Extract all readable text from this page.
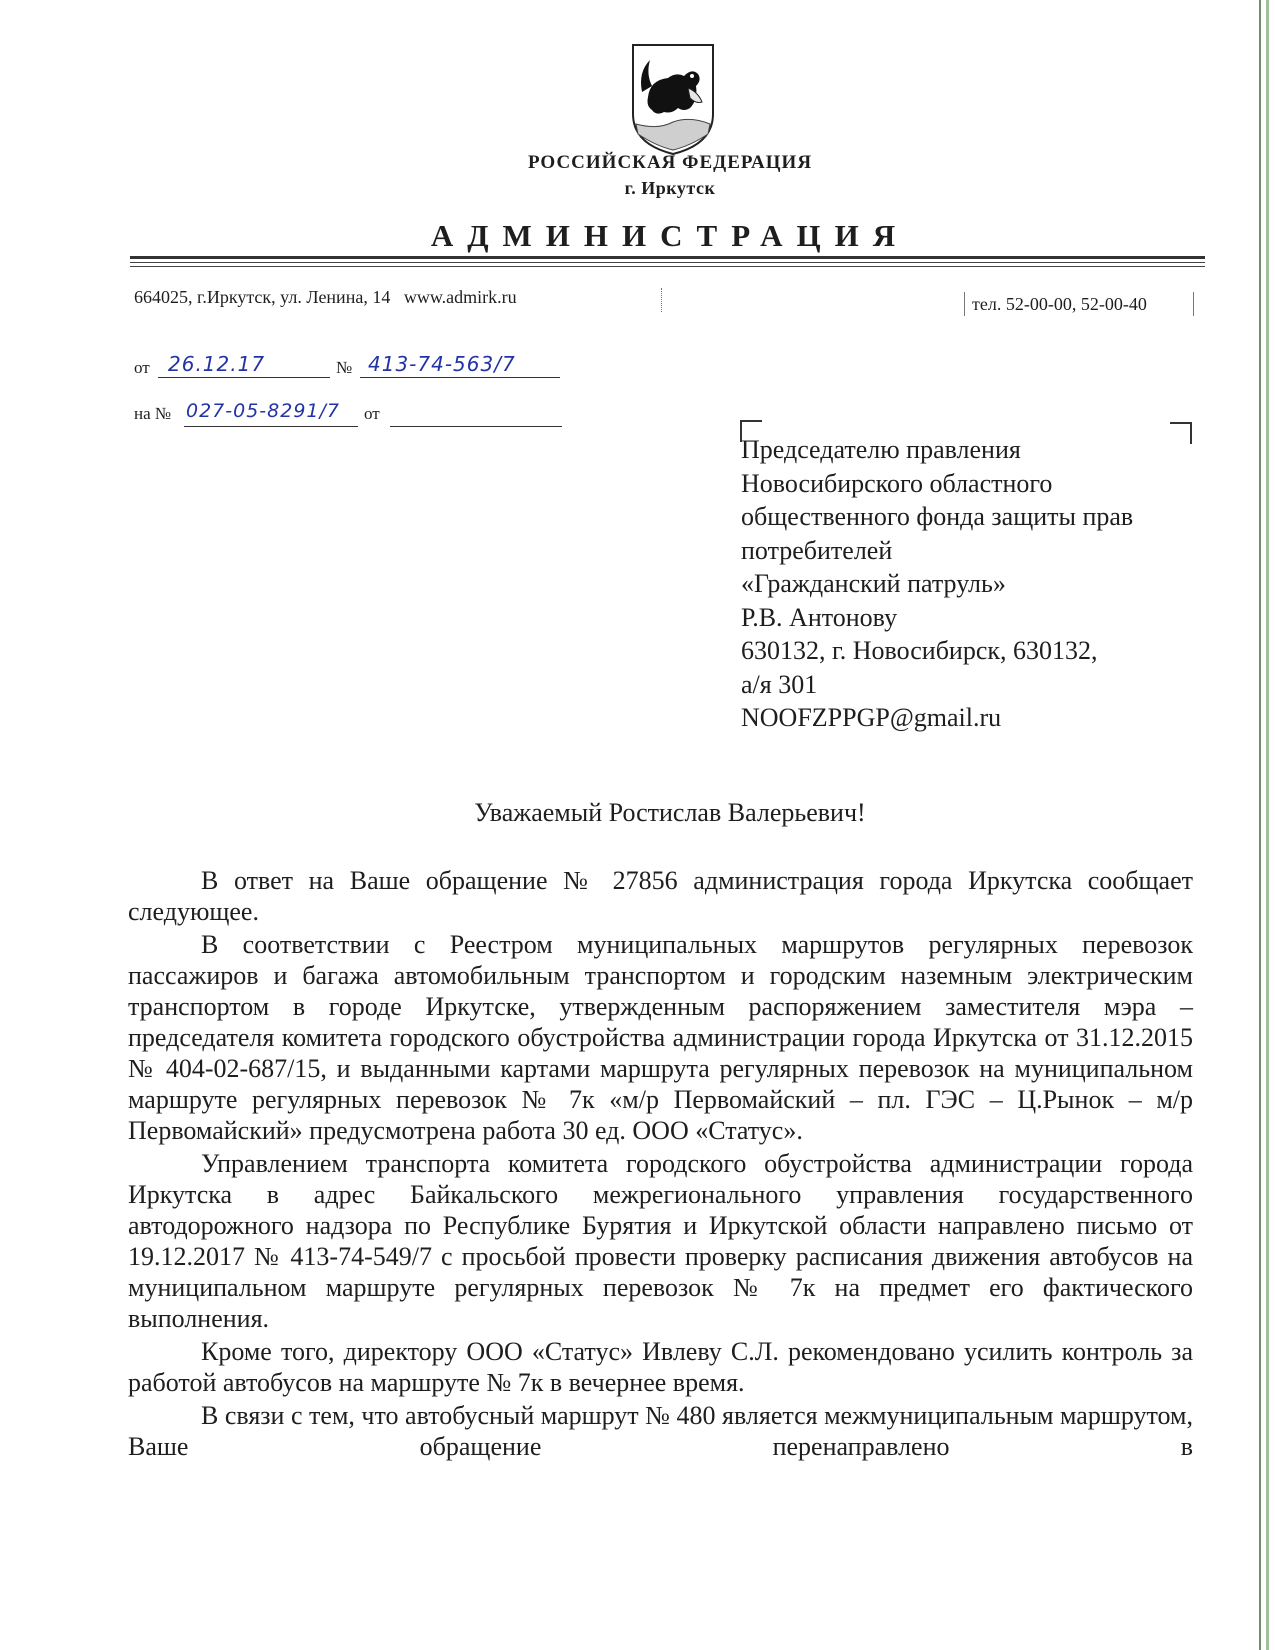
РОССИЙСКАЯ ФЕДЕРАЦИЯ
г. Иркутск
АДМИНИСТРАЦИЯ
664025, г.Иркутск, ул. Ленина, 14   www.admirk.ru	тел. 52-00-00, 52-00-40
от 26.12.17	№ 413-74-563/7
на № 027-05-8291/7 от
Председателю правления
Новосибирского областного
общественного фонда защиты прав
потребителей
«Гражданский патруль»
Р.В. Антонову
630132, г. Новосибирск, 630132,
а/я 301
NOOFZPPGP@gmail.ru
Уважаемый Ростислав Валерьевич!

В ответ на Ваше обращение № 27856 администрация города Иркутска сообщает следующее.

В соответствии с Реестром муниципальных маршрутов регулярных перевозок пассажиров и багажа автомобильным транспортом и городским наземным электрическим транспортом в городе Иркутске, утвержденным распоряжением заместителя мэра – председателя комитета городского обустройства администрации города Иркутска от 31.12.2015 № 404-02-687/15, и выданными картами маршрута регулярных перевозок на муниципальном маршруте регулярных перевозок № 7к «м/р Первомайский – пл. ГЭС – Ц.Рынок – м/р Первомайский» предусмотрена работа 30 ед. ООО «Статус».

Управлением транспорта комитета городского обустройства администрации города Иркутска в адрес Байкальского межрегионального управления государственного автодорожного надзора по Республике Бурятия и Иркутской области направлено письмо от 19.12.2017 № 413-74-549/7 с просьбой провести проверку расписания движения автобусов на муниципальном маршруте регулярных перевозок № 7к на предмет его фактического выполнения.

Кроме того, директору ООО «Статус» Ивлеву С.Л. рекомендовано усилить контроль за работой автобусов на маршруте № 7к в вечернее время.

В связи с тем, что автобусный маршрут № 480 является межмуниципальным маршрутом, Ваше обращение перенаправлено в
